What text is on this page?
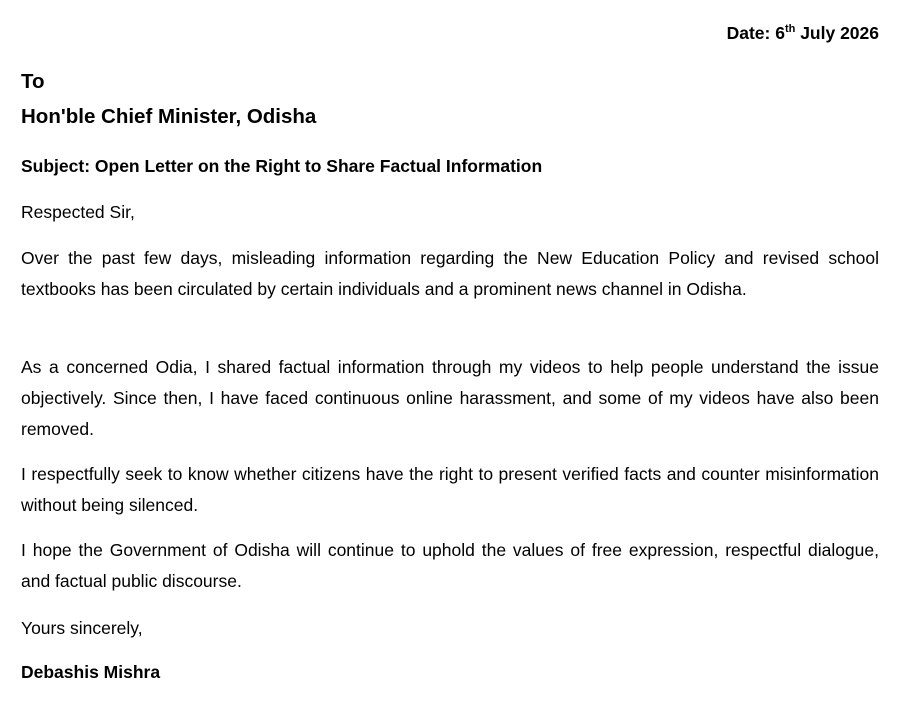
Date: 6th July 2026
To
Hon'ble Chief Minister, Odisha
Subject: Open Letter on the Right to Share Factual Information
Respected Sir,

Over the past few days, misleading information regarding the New Education Policy and revised school textbooks has been circulated by certain individuals and a prominent news channel in Odisha.

As a concerned Odia, I shared factual information through my videos to help people understand the issue objectively. Since then, I have faced continuous online harassment, and some of my videos have also been removed.

I respectfully seek to know whether citizens have the right to present verified facts and counter misinformation without being silenced.

I hope the Government of Odisha will continue to uphold the values of free expression, respectful dialogue, and factual public discourse.

Yours sincerely,
Debashis Mishra
